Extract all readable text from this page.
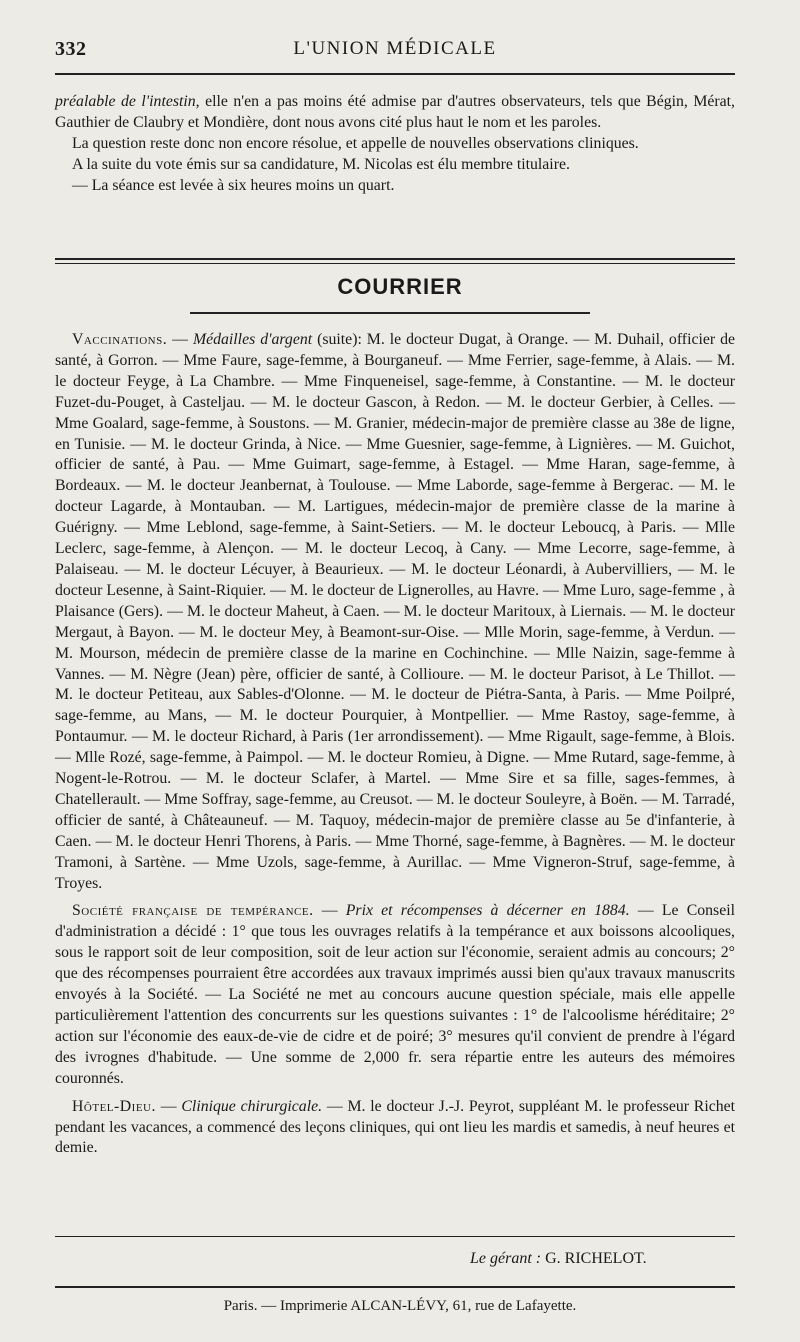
332	L'UNION MÉDICALE

préalable de l'intestin, elle n'en a pas moins été admise par d'autres observateurs, tels que Bégin, Mérat, Gauthier de Claubry et Mondière, dont nous avons cité plus haut le nom et les paroles.

La question reste donc non encore résolue, et appelle de nouvelles observations cliniques.

A la suite du vote émis sur sa candidature, M. Nicolas est élu membre titulaire.

— La séance est levée à six heures moins un quart.

COURRIER

Vaccinations. — Médailles d'argent (suite): M. le docteur Dugat, à Orange. — M. Duhail, officier de santé, à Gorron. — Mme Faure, sage-femme, à Bourganeuf. — Mme Ferrier, sage-femme, à Alais. — M. le docteur Feyge, à La Chambre. — Mme Finqueneisel, sage-femme, à Constantine. — M. le docteur Fuzet-du-Pouget, à Casteljau. — M. le docteur Gascon, à Redon. — M. le docteur Gerbier, à Celles. — Mme Goalard, sage-femme, à Soustons. — M. Granier, médecin-major de première classe au 38e de ligne, en Tunisie. — M. le docteur Grinda, à Nice. — Mme Guesnier, sage-femme, à Lignières. — M. Guichot, officier de santé, à Pau. — Mme Guimart, sage-femme, à Estagel. — Mme Haran, sage-femme, à Bordeaux. — M. le docteur Jeanbernat, à Toulouse. — Mme Laborde, sage-femme à Bergerac. — M. le docteur Lagarde, à Montauban. — M. Lartigues, médecin-major de première classe de la marine à Guérigny. — Mme Leblond, sage-femme, à Saint-Setiers. — M. le docteur Leboucq, à Paris. — Mlle Leclerc, sage-femme, à Alençon. — M. le docteur Lecoq, à Cany. — Mme Lecorre, sage-femme, à Palaiseau. — M. le docteur Lécuyer, à Beaurieux. — M. le docteur Léonardi, à Aubervilliers, — M. le docteur Lesenne, à Saint-Riquier. — M. le docteur de Lignerolles, au Havre. — Mme Luro, sage-femme , à Plaisance (Gers). — M. le docteur Maheut, à Caen. — M. le docteur Maritoux, à Liernais. — M. le docteur Mergaut, à Bayon. — M. le docteur Mey, à Beamont-sur-Oise. — Mlle Morin, sage-femme, à Verdun. — M. Mourson, médecin de première classe de la marine en Cochinchine. — Mlle Naizin, sage-femme à Vannes. — M. Nègre (Jean) père, officier de santé, à Collioure. — M. le docteur Parisot, à Le Thillot. — M. le docteur Petiteau, aux Sables-d'Olonne. — M. le docteur de Piétra-Santa, à Paris. — Mme Poilpré, sage-femme, au Mans, — M. le docteur Pourquier, à Montpellier. — Mme Rastoy, sage-femme, à Pontaumur. — M. le docteur Richard, à Paris (1er arrondissement). — Mme Rigault, sage-femme, à Blois. — Mlle Rozé, sage-femme, à Paimpol. — M. le docteur Romieu, à Digne. — Mme Rutard, sage-femme, à Nogent-le-Rotrou. — M. le docteur Sclafer, à Martel. — Mme Sire et sa fille, sages-femmes, à Chatellerault. — Mme Soffray, sage-femme, au Creusot. — M. le docteur Souleyre, à Boën. — M. Tarradé, officier de santé, à Châteauneuf. — M. Taquoy, médecin-major de première classe au 5e d'infanterie, à Caen. — M. le docteur Henri Thorens, à Paris. — Mme Thorné, sage-femme, à Bagnères. — M. le docteur Tramoni, à Sartène. — Mme Uzols, sage-femme, à Aurillac. — Mme Vigneron-Struf, sage-femme, à Troyes.

Société française de tempérance. — Prix et récompenses à décerner en 1884. — Le Conseil d'administration a décidé : 1° que tous les ouvrages relatifs à la tempérance et aux boissons alcooliques, sous le rapport soit de leur composition, soit de leur action sur l'économie, seraient admis au concours; 2° que des récompenses pourraient être accordées aux travaux imprimés aussi bien qu'aux travaux manuscrits envoyés à la Société. — La Société ne met au concours aucune question spéciale, mais elle appelle particulièrement l'attention des concurrents sur les questions suivantes : 1° de l'alcoolisme héréditaire; 2° action sur l'économie des eaux-de-vie de cidre et de poiré; 3° mesures qu'il convient de prendre à l'égard des ivrognes d'habitude. — Une somme de 2,000 fr. sera répartie entre les auteurs des mémoires couronnés.

Hôtel-Dieu. — Clinique chirurgicale. — M. le docteur J.-J. Peyrot, suppléant M. le professeur Richet pendant les vacances, a commencé des leçons cliniques, qui ont lieu les mardis et samedis, à neuf heures et demie.

Le gérant : G. RICHELOT.
Paris. — Imprimerie ALCAN-LÉVY, 61, rue de Lafayette.
